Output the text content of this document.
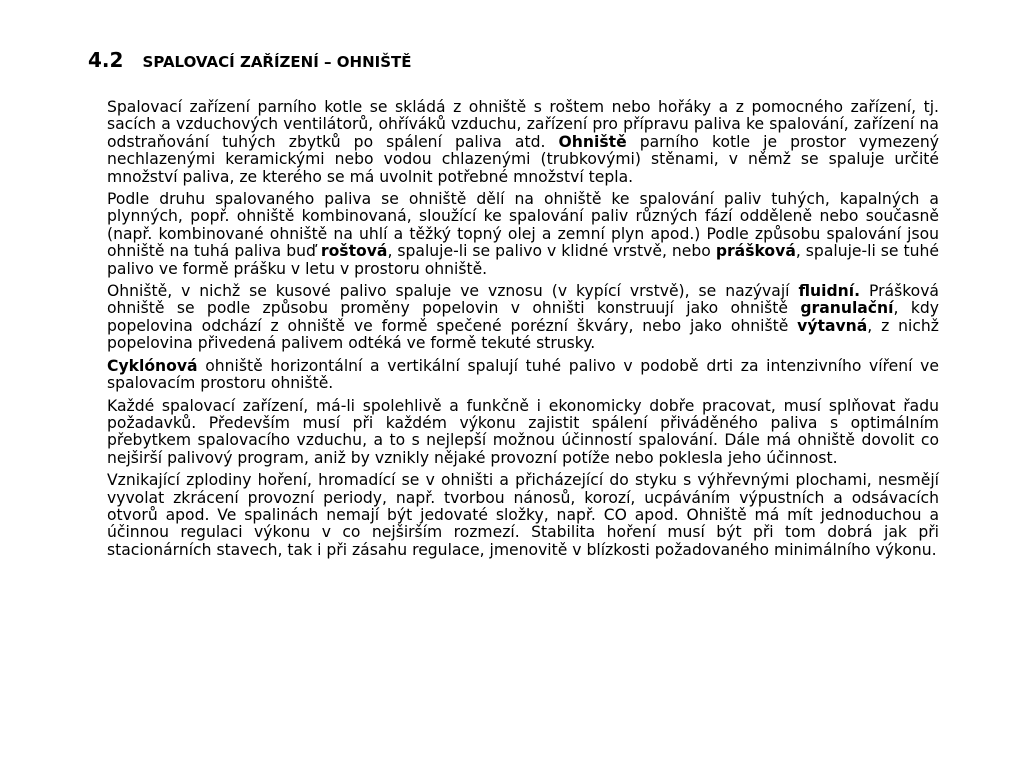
4.2 SPALOVACÍ ZAŘÍZENÍ – OHNIŠTĚ

Spalovací zařízení parního kotle se skládá z ohniště s roštem nebo hořáky a z pomocného zařízení, tj. sacích a vzduchových ventilátorů, ohříváků vzduchu, zařízení pro přípravu paliva ke spalování, zařízení na odstraňování tuhých zbytků po spálení paliva atd. Ohniště parního kotle je prostor vymezený nechlazenými keramickými nebo vodou chlazenými (trubkovými) stěnami, v němž se spaluje určité množství paliva, ze kterého se má uvolnit potřebné množství tepla.

Podle druhu spalovaného paliva se ohniště dělí na ohniště ke spalování paliv tuhých, kapalných a plynných, popř. ohniště kombinovaná, sloužící ke spalování paliv různých fází odděleně nebo současně (např. kombinované ohniště na uhlí a těžký topný olej a zemní plyn apod.) Podle způsobu spalování jsou ohniště na tuhá paliva buď roštová, spaluje-li se palivo v klidné vrstvě, nebo prášková, spaluje-li se tuhé palivo ve formě prášku v letu v prostoru ohniště.

Ohniště, v nichž se kusové palivo spaluje ve vznosu (v kypící vrstvě), se nazývají fluidní. Prášková ohniště se podle způsobu proměny popelovin v ohništi konstruují jako ohniště granulační, kdy popelovina odchází z ohniště ve formě spečené porézní škváry, nebo jako ohniště výtavná, z nichž popelovina přivedená palivem odtéká ve formě tekuté strusky.

Cyklónová ohniště horizontální a vertikální spalují tuhé palivo v podobě drti za intenzivního víření ve spalovacím prostoru ohniště.

Každé spalovací zařízení, má-li spolehlivě a funkčně i ekonomicky dobře pracovat, musí splňovat řadu požadavků. Především musí při každém výkonu zajistit spálení přiváděného paliva s optimálním přebytkem spalovacího vzduchu, a to s nejlepší možnou účinností spalování. Dále má ohniště dovolit co nejširší palivový program, aniž by vznikly nějaké provozní potíže nebo poklesla jeho účinnost.

Vznikající zplodiny hoření, hromadící se v ohništi a přicházející do styku s výhřevnými plochami, nesmějí vyvolat zkrácení provozní periody, např. tvorbou nánosů, korozí, ucpáváním výpustních a odsávacích otvorů apod. Ve spalinách nemají být jedovaté složky, např. CO apod. Ohniště má mít jednoduchou a účinnou regulaci výkonu v co nejširším rozmezí. Stabilita hoření musí být při tom dobrá jak při stacionárních stavech, tak i při zásahu regulace, jmenovitě v blízkosti požadovaného minimálního výkonu.
